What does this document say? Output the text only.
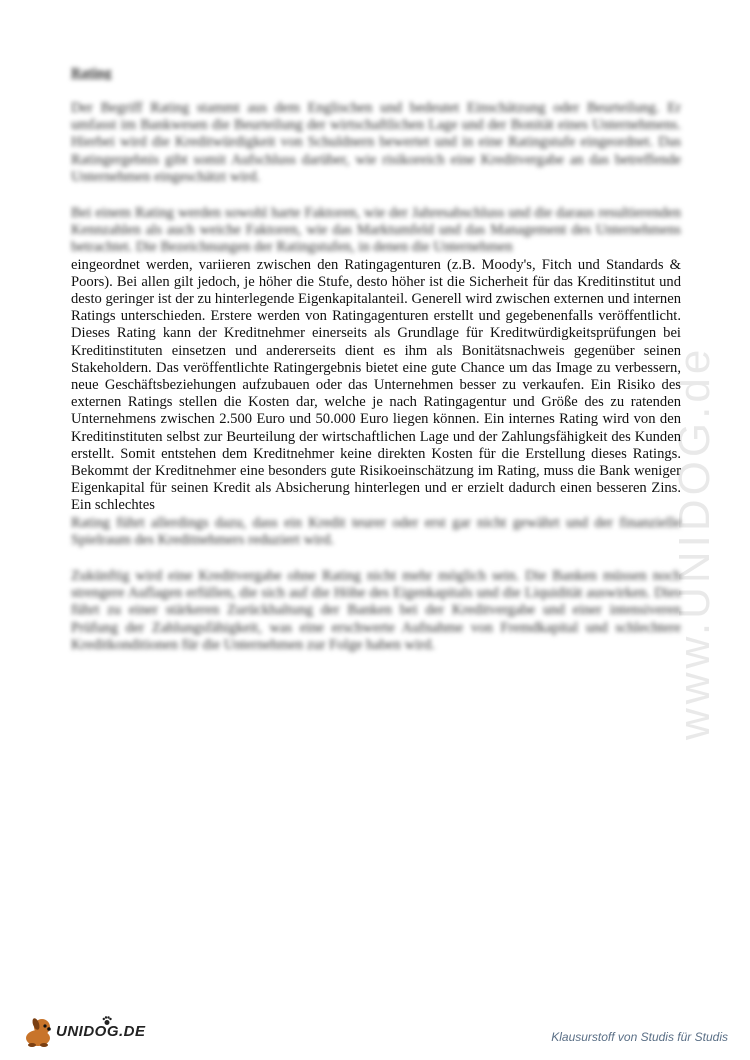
www.UNIDOG.de
Rating

Der Begriff Rating stammt aus dem Englischen und bedeutet Einschätzung oder Beurteilung. Er umfasst im Bankwesen die Beurteilung der wirtschaftlichen Lage und der Bonität eines Unternehmens. Hierbei wird die Kreditwürdigkeit von Schuldnern bewertet und in eine Ratingstufe eingeordnet. Das Ratingergebnis gibt somit Aufschluss darüber, wie risikoreich eine Kreditvergabe an das betreffende Unternehmen eingeschätzt wird.

Bei einem Rating werden sowohl harte Faktoren, wie der Jahresabschluss und die daraus resultierenden Kennzahlen als auch weiche Faktoren, wie das Marktumfeld und das Management des Unternehmens betrachtet. Die Bezeichnungen der Ratingstufen, in denen die Unternehmen

eingeordnet werden, variieren zwischen den Ratingagenturen (z.B. Moody's, Fitch und Standards & Poors). Bei allen gilt jedoch, je höher die Stufe, desto höher ist die Sicherheit für das Kreditinstitut und desto geringer ist der zu hinterlegende Eigenkapitalanteil. Generell wird zwischen externen und internen Ratings unterschieden. Erstere werden von Ratingagenturen erstellt und gegebenenfalls veröffentlicht. Dieses Rating kann der Kreditnehmer einerseits als Grundlage für Kreditwürdigkeitsprüfungen bei Kreditinstituten einsetzen und andererseits dient es ihm als Bonitätsnachweis gegenüber seinen Stakeholdern. Das veröffentlichte Ratingergebnis bietet eine gute Chance um das Image zu verbessern, neue Geschäftsbeziehungen aufzubauen oder das Unternehmen besser zu verkaufen. Ein Risiko des externen Ratings stellen die Kosten dar, welche je nach Ratingagentur und Größe des zu ratenden Unternehmens zwischen 2.500 Euro und 50.000 Euro liegen können. Ein internes Rating wird von den Kreditinstituten selbst zur Beurteilung der wirtschaftlichen Lage und der Zahlungsfähigkeit des Kunden erstellt. Somit entstehen dem Kreditnehmer keine direkten Kosten für die Erstellung dieses Ratings. Bekommt der Kreditnehmer eine besonders gute Risikoeinschätzung im Rating, muss die Bank weniger Eigenkapital für seinen Kredit als Absicherung hinterlegen und er erzielt dadurch einen besseren Zins. Ein schlechtes

Rating führt allerdings dazu, dass ein Kredit teurer oder erst gar nicht gewährt und der finanzielle Spielraum des Kreditnehmers reduziert wird.

Zukünftig wird eine Kreditvergabe ohne Rating nicht mehr möglich sein. Die Banken müssen noch strengere Auflagen erfüllen, die sich auf die Höhe des Eigenkapitals und die Liquidität auswirken. Dies führt zu einer stärkeren Zurückhaltung der Banken bei der Kreditvergabe und einer intensiveren Prüfung der Zahlungsfähigkeit, was eine erschwerte Aufnahme von Fremdkapital und schlechtere Kreditkonditionen für die Unternehmen zur Folge haben wird.

UNIDOG.DE	Klausurstoff von Studis für Studis
